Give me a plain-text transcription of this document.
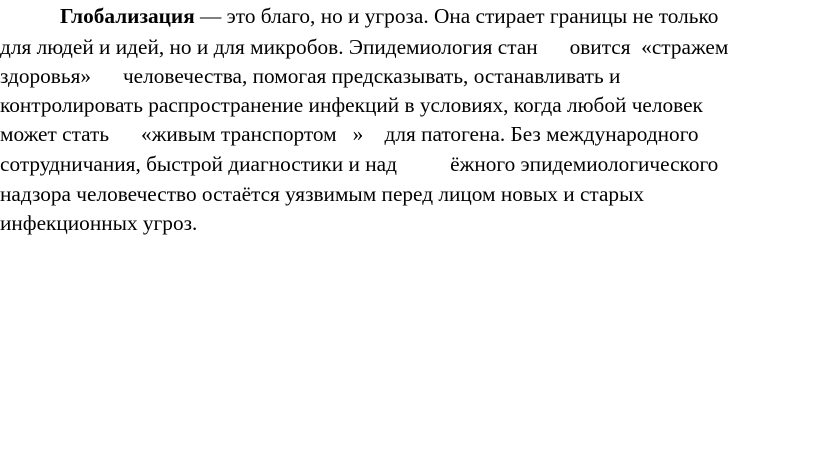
Глобализация — это благо, но и угроза. Она стирает границы не только
для людей и идей, но и для микробов. Эпидемиология стан      овится  «стражем
здоровья»      человечества, помогая предсказывать, останавливать и
контролировать распространение инфекций в условиях, когда любой человек
может стать      «живым транспортом   »    для патогена. Без международного
сотрудничания, быстрой диагностики и над          ёжного эпидемиологического
надзора человечество остаётся уязвимым перед лицом новых и старых
инфекционных угроз.
